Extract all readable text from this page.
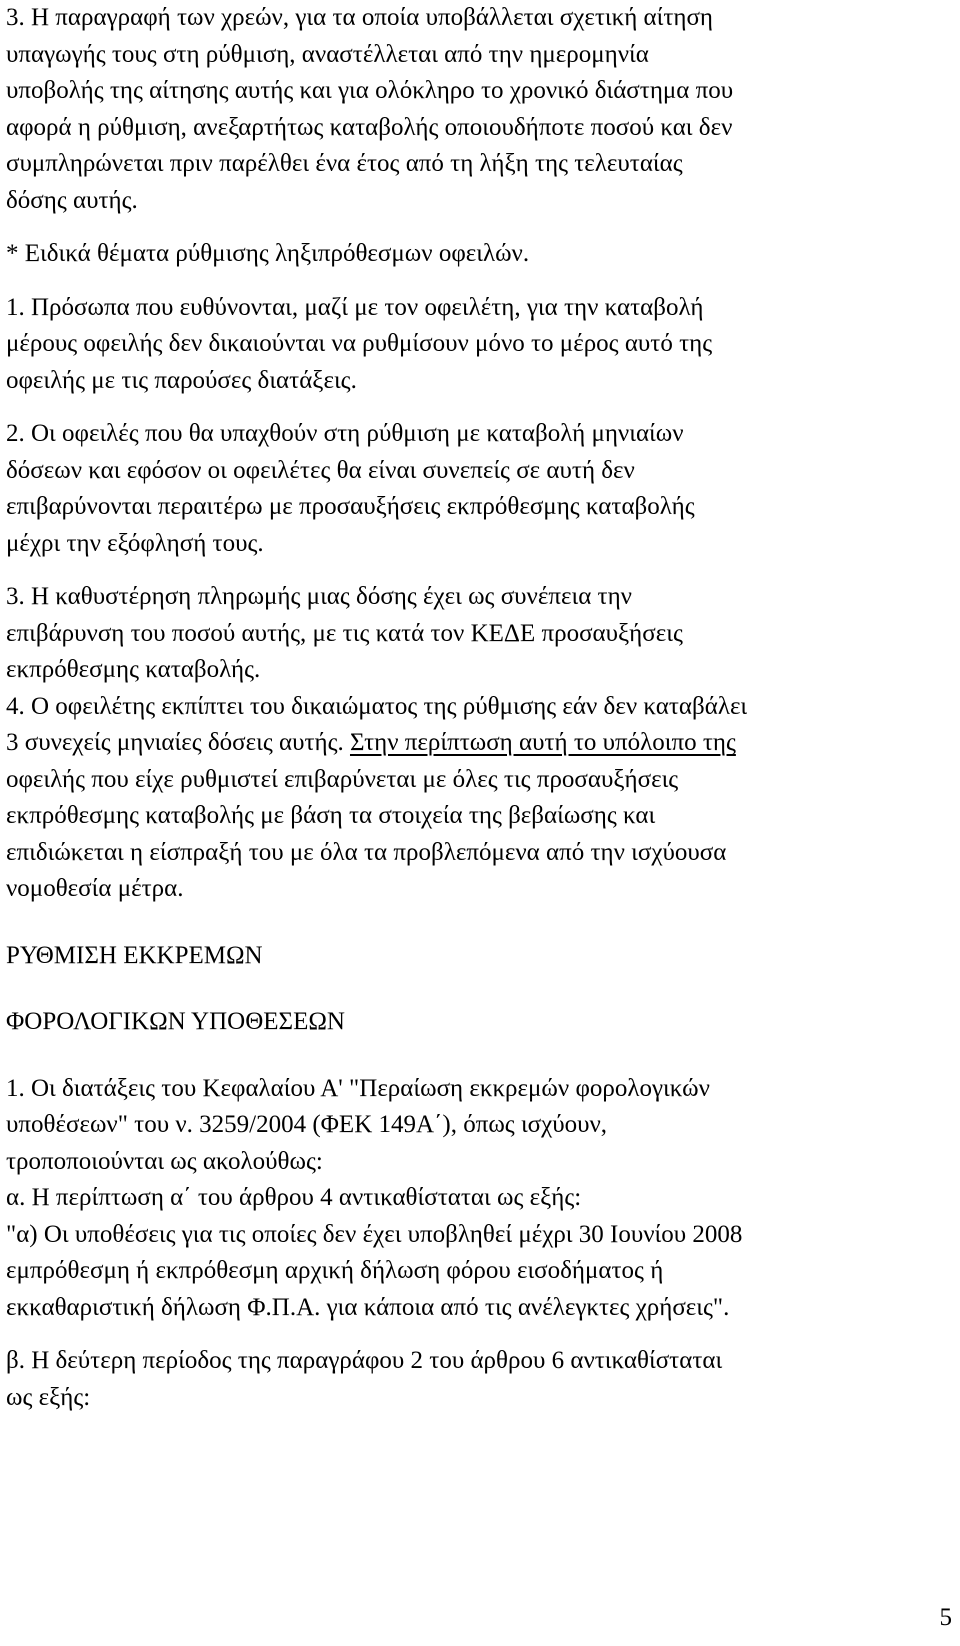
3. Η παραγραφή των χρεών, για τα οποία υποβάλλεται σχετική αίτηση
υπαγωγής τους στη ρύθμιση, αναστέλλεται από την ημερομηνία
υποβολής της αίτησης αυτής και για ολόκληρο το χρονικό διάστημα που
αφορά η ρύθμιση, ανεξαρτήτως καταβολής οποιουδήποτε ποσού και δεν
συμπληρώνεται πριν παρέλθει ένα έτος από τη λήξη της τελευταίας
δόσης αυτής.

* Ειδικά θέματα ρύθμισης ληξιπρόθεσμων οφειλών.

1. Πρόσωπα που ευθύνονται, μαζί με τον οφειλέτη, για την καταβολή
μέρους οφειλής δεν δικαιούνται να ρυθμίσουν μόνο το μέρος αυτό της
οφειλής με τις παρούσες διατάξεις.

2. Οι οφειλές που θα υπαχθούν στη ρύθμιση με καταβολή μηνιαίων
δόσεων και εφόσον οι οφειλέτες θα είναι συνεπείς σε αυτή δεν
επιβαρύνονται περαιτέρω με προσαυξήσεις εκπρόθεσμης καταβολής
μέχρι την εξόφλησή τους.

3. Η καθυστέρηση πληρωμής μιας δόσης έχει ως συνέπεια την
επιβάρυνση του ποσού αυτής, με τις κατά τον ΚΕΔΕ προσαυξήσεις
εκπρόθεσμης καταβολής.

4. Ο οφειλέτης εκπίπτει του δικαιώματος της ρύθμισης εάν δεν καταβάλει
3 συνεχείς μηνιαίες δόσεις αυτής. Στην περίπτωση αυτή το υπόλοιπο της
οφειλής που είχε ρυθμιστεί επιβαρύνεται με όλες τις προσαυξήσεις
εκπρόθεσμης καταβολής με βάση τα στοιχεία της βεβαίωσης και
επιδιώκεται η είσπραξή του με όλα τα προβλεπόμενα από την ισχύουσα
νομοθεσία μέτρα.

ΡΥΘΜΙΣΗ ΕΚΚΡΕΜΩΝ

ΦΟΡΟΛΟΓΙΚΩΝ ΥΠΟΘΕΣΕΩΝ

1. Οι διατάξεις του Κεφαλαίου Α' "Περαίωση εκκρεμών φορολογικών
υποθέσεων" του ν. 3259/2004 (ΦΕΚ 149Α΄), όπως ισχύουν,
τροποποιούνται ως ακολούθως:
α. Η περίπτωση α΄ του άρθρου 4 αντικαθίσταται ως εξής:
"α) Οι υποθέσεις για τις οποίες δεν έχει υποβληθεί μέχρι 30 Ιουνίου 2008
εμπρόθεσμη ή εκπρόθεσμη αρχική δήλωση φόρου εισοδήματος ή
εκκαθαριστική δήλωση Φ.Π.Α. για κάποια από τις ανέλεγκτες χρήσεις".

β. Η δεύτερη περίοδος της παραγράφου 2 του άρθρου 6 αντικαθίσταται
ως εξής:

5
